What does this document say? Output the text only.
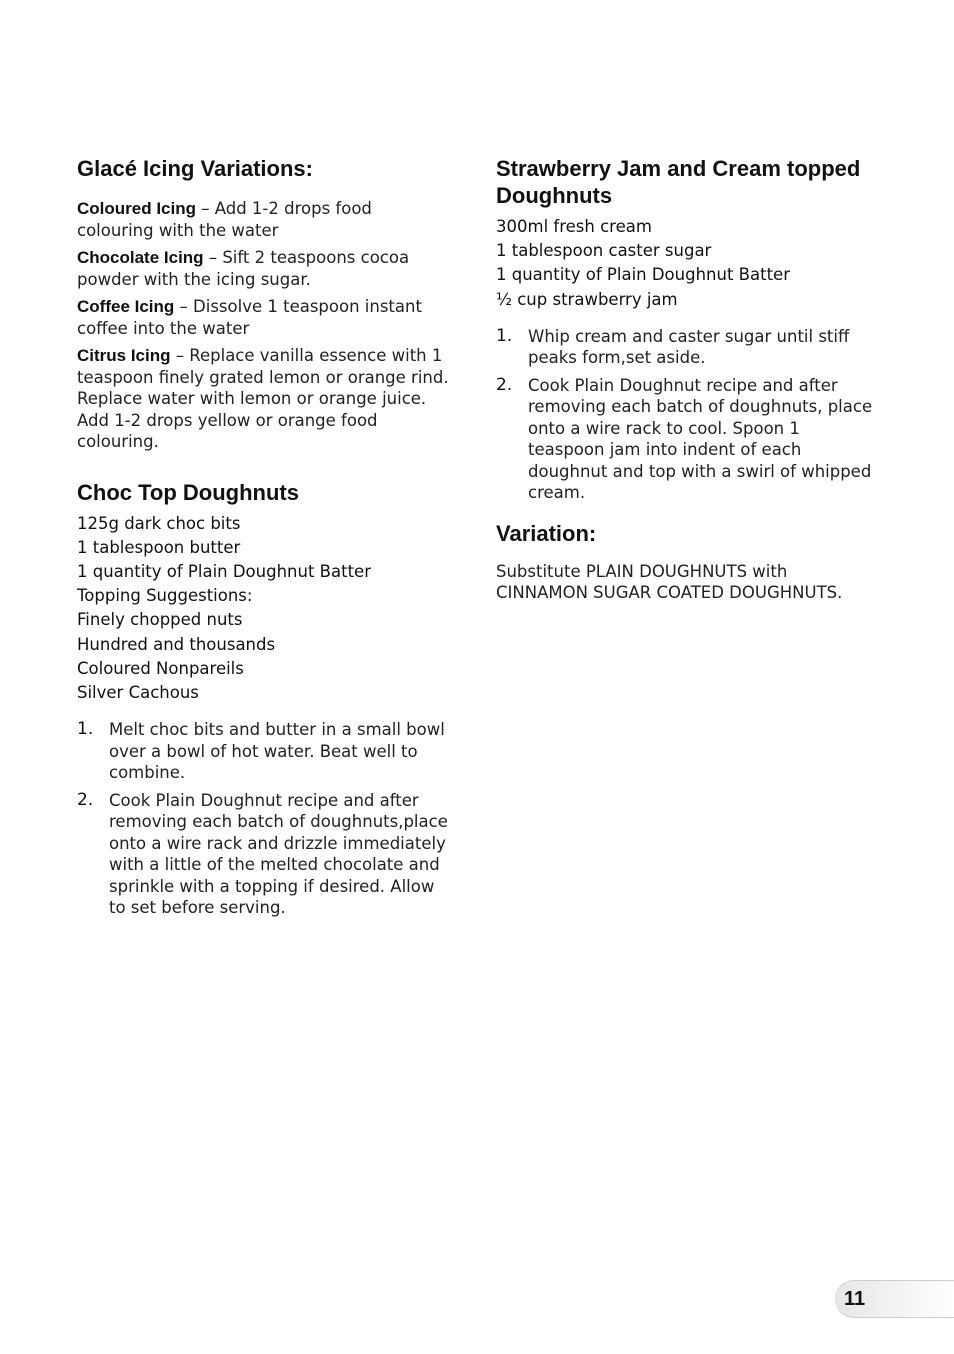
Glacé Icing Variations:

Coloured Icing – Add 1-2 drops food colouring with the water

Chocolate Icing – Sift 2 teaspoons cocoa powder with the icing sugar.

Coffee Icing – Dissolve 1 teaspoon instant coffee into the water

Citrus Icing – Replace vanilla essence with 1 teaspoon finely grated lemon or orange rind. Replace water with lemon or orange juice. Add 1-2 drops yellow or orange food colouring.

Choc Top Doughnuts
125g dark choc bits
1 tablespoon butter
1 quantity of Plain Doughnut Batter
Topping Suggestions:
Finely chopped nuts
Hundred and thousands
Coloured Nonpareils
Silver Cachous
1. Melt choc bits and butter in a small bowl over a bowl of hot water. Beat well to combine.
2. Cook Plain Doughnut recipe and after removing each batch of doughnuts,place onto a wire rack and drizzle immediately with a little of the melted chocolate and sprinkle with a topping if desired. Allow to set before serving.
Strawberry Jam and Cream topped Doughnuts
300ml fresh cream
1 tablespoon caster sugar
1 quantity of Plain Doughnut Batter
½ cup strawberry jam
1. Whip cream and caster sugar until stiff peaks form,set aside.
2. Cook Plain Doughnut recipe and after removing each batch of doughnuts, place onto a wire rack to cool. Spoon 1 teaspoon jam into indent of each doughnut and top with a swirl of whipped cream.
Variation:

Substitute PLAIN DOUGHNUTS with CINNAMON SUGAR COATED DOUGHNUTS.

11
